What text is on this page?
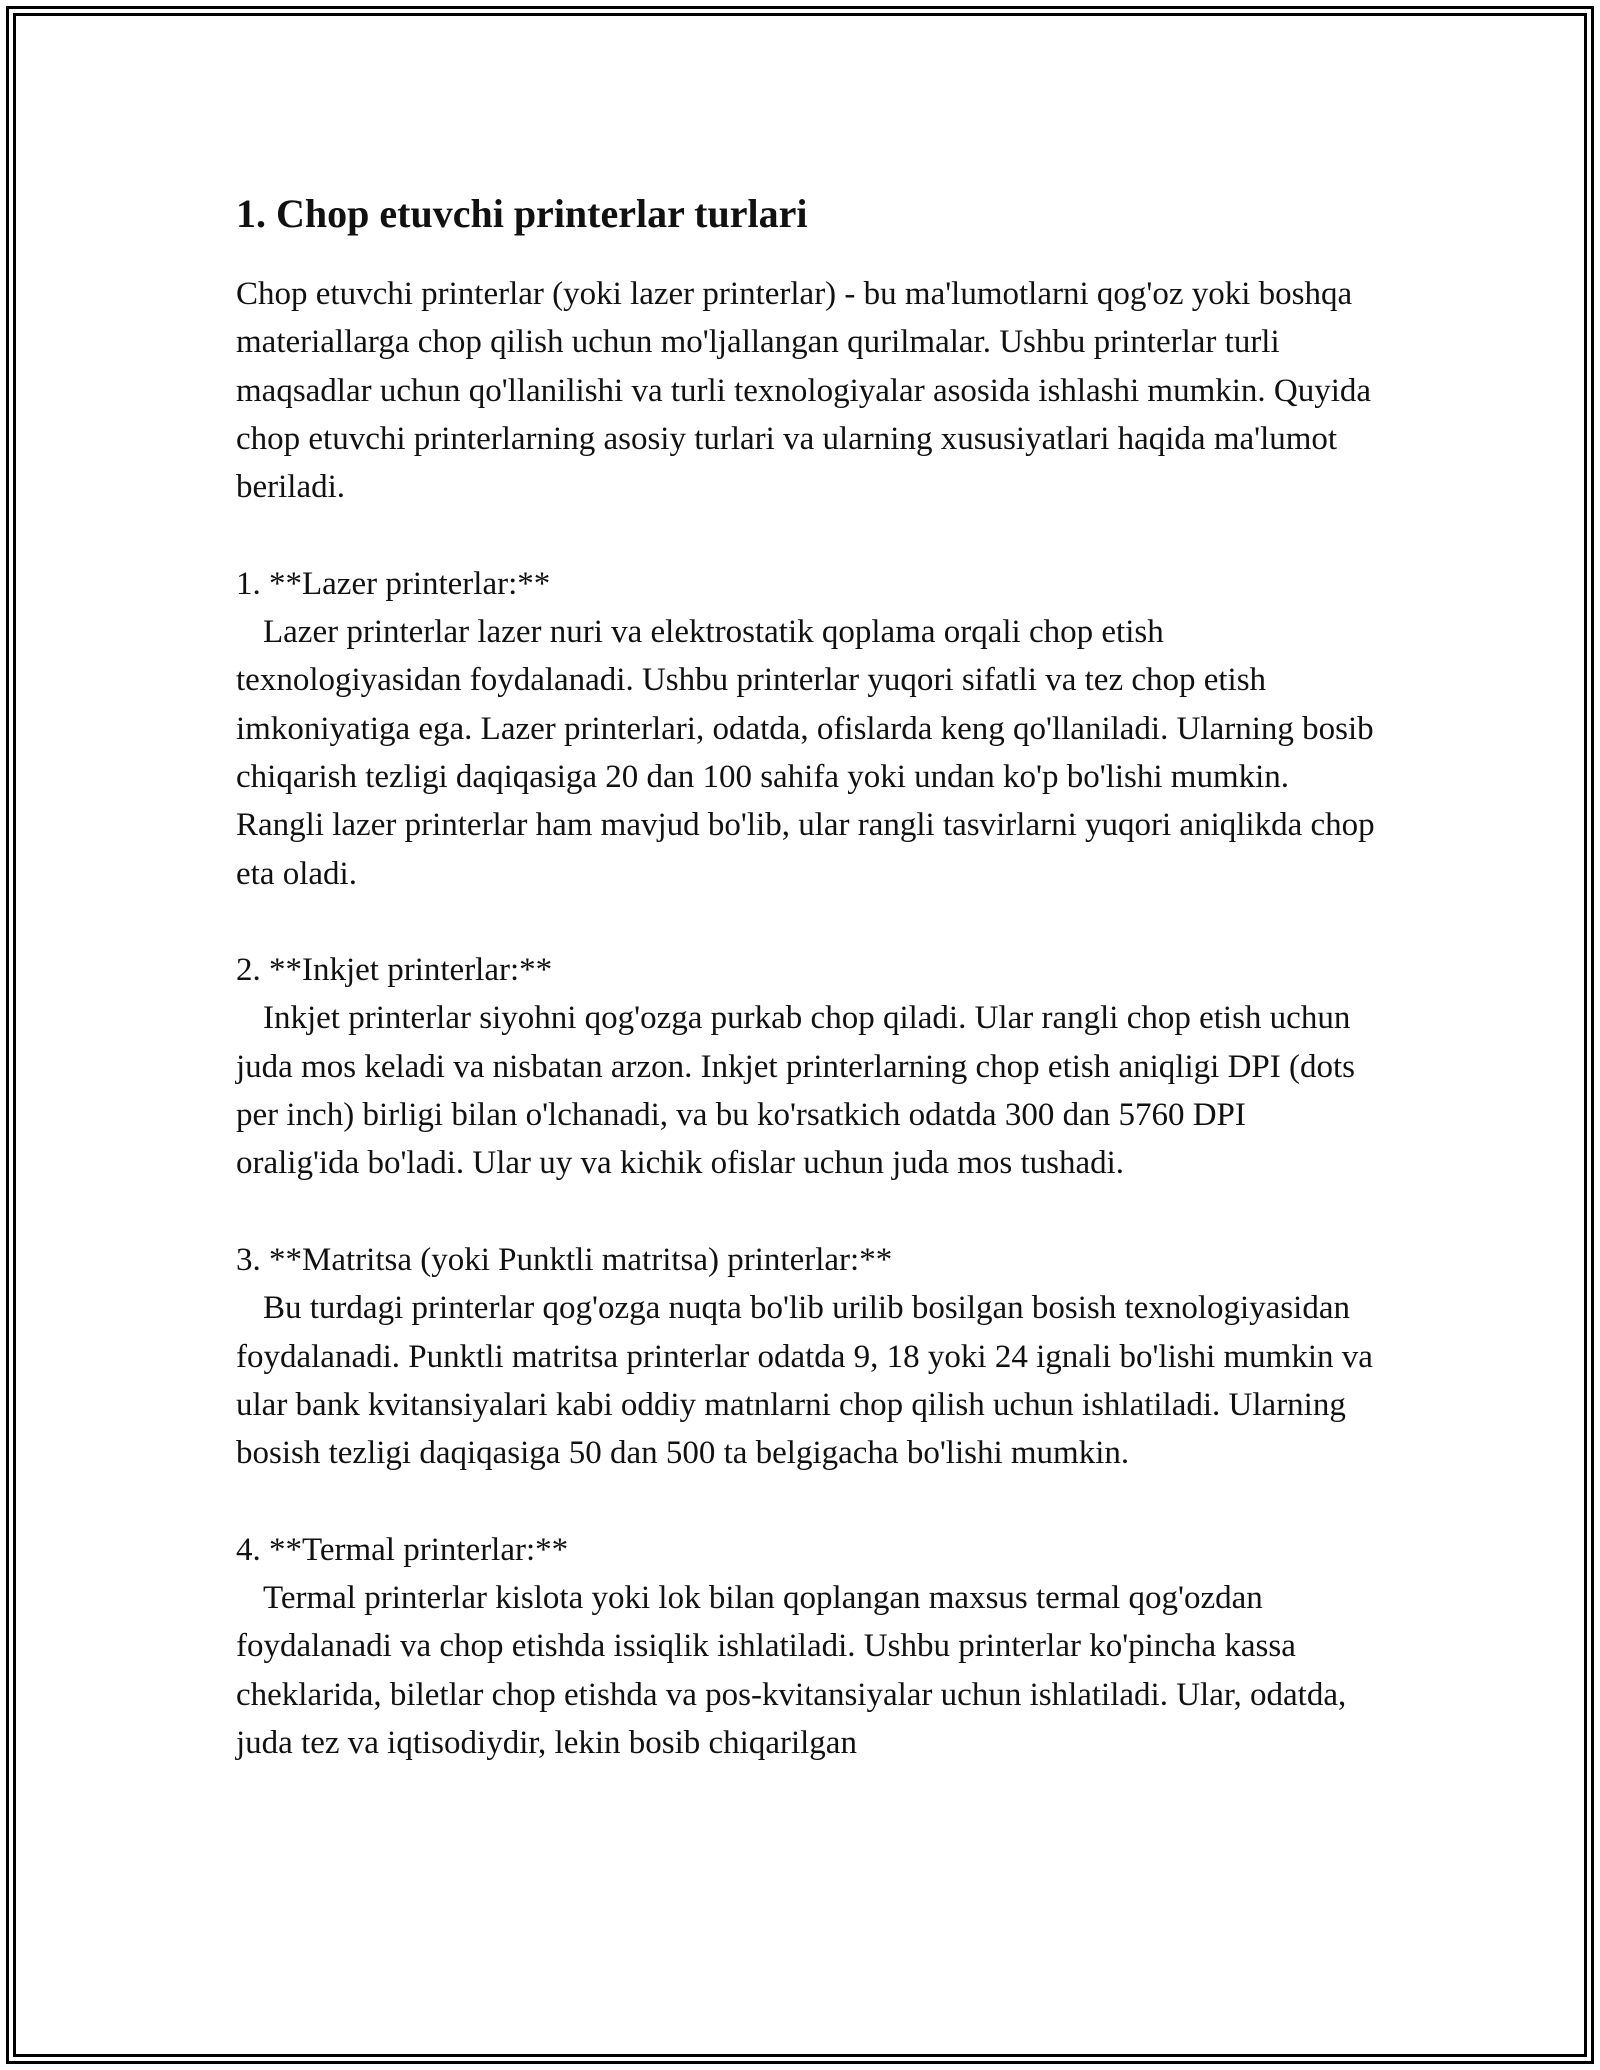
1. Chop etuvchi printerlar turlari

Chop etuvchi printerlar (yoki lazer printerlar) - bu ma'lumotlarni qog'oz yoki boshqa materiallarga chop qilish uchun mo'ljallangan qurilmalar. Ushbu printerlar turli maqsadlar uchun qo'llanilishi va turli texnologiyalar asosida ishlashi mumkin. Quyida chop etuvchi printerlarning asosiy turlari va ularning xususiyatlari haqida ma'lumot beriladi.

1. **Lazer printerlar:**

Lazer printerlar lazer nuri va elektrostatik qoplama orqali chop etish texnologiyasidan foydalanadi. Ushbu printerlar yuqori sifatli va tez chop etish imkoniyatiga ega. Lazer printerlari, odatda, ofislarda keng qo'llaniladi. Ularning bosib chiqarish tezligi daqiqasiga 20 dan 100 sahifa yoki undan ko'p bo'lishi mumkin. Rangli lazer printerlar ham mavjud bo'lib, ular rangli tasvirlarni yuqori aniqlikda chop eta oladi.

2. **Inkjet printerlar:**

Inkjet printerlar siyohni qog'ozga purkab chop qiladi. Ular rangli chop etish uchun juda mos keladi va nisbatan arzon. Inkjet printerlarning chop etish aniqligi DPI (dots per inch) birligi bilan o'lchanadi, va bu ko'rsatkich odatda 300 dan 5760 DPI oralig'ida bo'ladi. Ular uy va kichik ofislar uchun juda mos tushadi.

3. **Matritsa (yoki Punktli matritsa) printerlar:**

Bu turdagi printerlar qog'ozga nuqta bo'lib urilib bosilgan bosish texnologiyasidan foydalanadi. Punktli matritsa printerlar odatda 9, 18 yoki 24 ignali bo'lishi mumkin va ular bank kvitansiyalari kabi oddiy matnlarni chop qilish uchun ishlatiladi. Ularning bosish tezligi daqiqasiga 50 dan 500 ta belgigacha bo'lishi mumkin.

4. **Termal printerlar:**

Termal printerlar kislota yoki lok bilan qoplangan maxsus termal qog'ozdan foydalanadi va chop etishda issiqlik ishlatiladi. Ushbu printerlar ko'pincha kassa cheklarida, biletlar chop etishda va pos-kvitansiyalar uchun ishlatiladi. Ular, odatda, juda tez va iqtisodiydir, lekin bosib chiqarilgan
